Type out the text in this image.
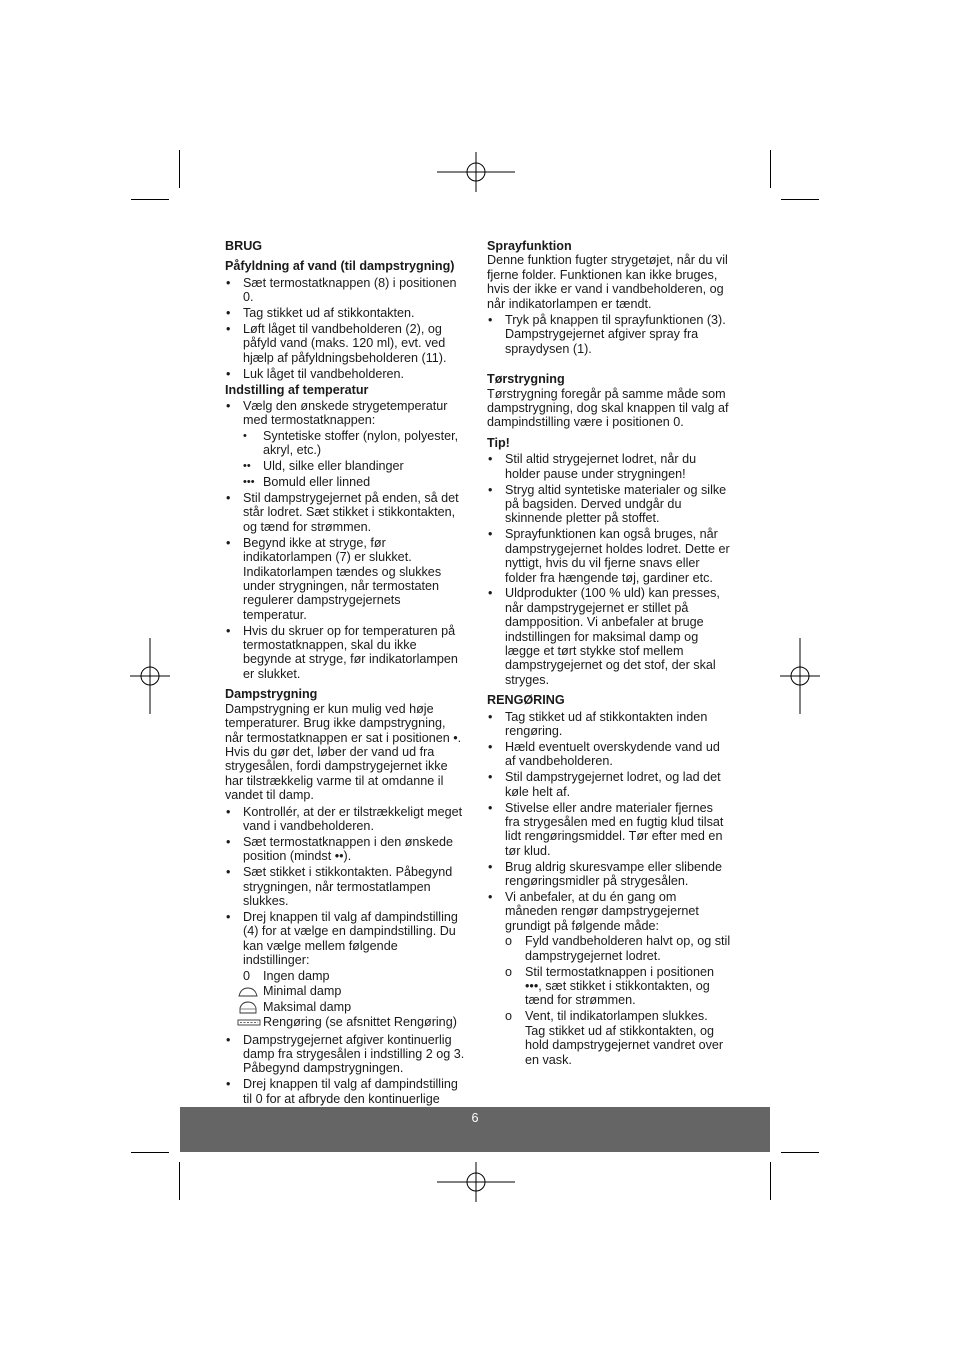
BRUG

Påfyldning af vand (til dampstrygning)

• Sæt termostatknappen (8) i positionen 0.
• Tag stikket ud af stikkontakten.
• Løft låget til vandbeholderen (2), og påfyld vand (maks. 120 ml), evt. ved hjælp af påfyldningsbeholderen (11).
• Luk låget til vandbeholderen.

Indstilling af temperatur

• Vælg den ønskede strygetemperatur med termostatknappen:
• Syntetiske stoffer (nylon, polyester, akryl, etc.)
•• Uld, silke eller blandinger
••• Bomuld eller linned
• Stil dampstrygejernet på enden, så det står lodret. Sæt stikket i stikkontakten, og tænd for strømmen.
• Begynd ikke at stryge, før indikatorlampen (7) er slukket. Indikatorlampen tændes og slukkes under strygningen, når termostaten regulerer dampstrygejernets temperatur.
• Hvis du skruer op for temperaturen på termostatknappen, skal du ikke begynde at stryge, før indikatorlampen er slukket.

Dampstrygning

Dampstrygning er kun mulig ved høje temperaturer. Brug ikke dampstrygning, når termostatknappen er sat i positionen •. Hvis du gør det, løber der vand ud fra strygesålen, fordi dampstrygejernet ikke har tilstrækkelig varme til at omdanne il vandet til damp.

• Kontrollér, at der er tilstrækkeligt meget vand i vandbeholderen.
• Sæt termostatknappen i den ønskede position (mindst ••).
• Sæt stikket i stikkontakten. Påbegynd strygningen, når termostatlampen slukkes.
• Drej knappen til valg af dampindstilling (4) for at vælge en dampindstilling. Du kan vælge mellem følgende indstillinger:
0	Ingen damp
Minimal damp
Maksimal damp
Rengøring (se afsnittet Rengøring)
• Dampstrygejernet afgiver kontinuerlig damp fra strygesålen i indstilling 2 og 3. Påbegynd dampstrygningen.
• Drej knappen til valg af dampindstilling til 0 for at afbryde den kontinuerlige

Sprayfunktion

Denne funktion fugter strygetøjet, når du vil fjerne folder. Funktionen kan ikke bruges, hvis der ikke er vand i vandbeholderen, og når indikatorlampen er tændt.

• Tryk på knappen til sprayfunktionen (3). Dampstrygejernet afgiver spray fra spraydysen (1).

Tørstrygning

Tørstrygning foregår på samme måde som dampstrygning, dog skal knappen til valg af dampindstilling være i positionen 0.

Tip!

• Stil altid strygejernet lodret, når du holder pause under strygningen!
• Stryg altid syntetiske materialer og silke på bagsiden. Derved undgår du skinnende pletter på stoffet.
• Sprayfunktionen kan også bruges, når dampstrygejernet holdes lodret. Dette er nyttigt, hvis du vil fjerne snavs eller folder fra hængende tøj, gardiner etc.
• Uldprodukter (100 % uld) kan presses, når dampstrygejernet er stillet på dampposition. Vi anbefaler at bruge indstillingen for maksimal damp og lægge et tørt stykke stof mellem dampstrygejernet og det stof, der skal stryges.

RENGØRING

• Tag stikket ud af stikkontakten inden rengøring.
• Hæld eventuelt overskydende vand ud af vandbeholderen.
• Stil dampstrygejernet lodret, og lad det køle helt af.
• Stivelse eller andre materialer fjernes fra strygesålen med en fugtig klud tilsat lidt rengøringsmiddel. Tør efter med en tør klud.
• Brug aldrig skuresvampe eller slibende rengøringsmidler på strygesålen.
• Vi anbefaler, at du én gang om måneden rengør dampstrygejernet grundigt på følgende måde:
o Fyld vandbeholderen halvt op, og stil dampstrygejernet lodret.
o Stil termostatknappen i positionen •••, sæt stikket i stikkontakten, og tænd for strømmen.
o Vent, til indikatorlampen slukkes. Tag stikket ud af stikkontakten, og hold dampstrygejernet vandret over en vask.
6
